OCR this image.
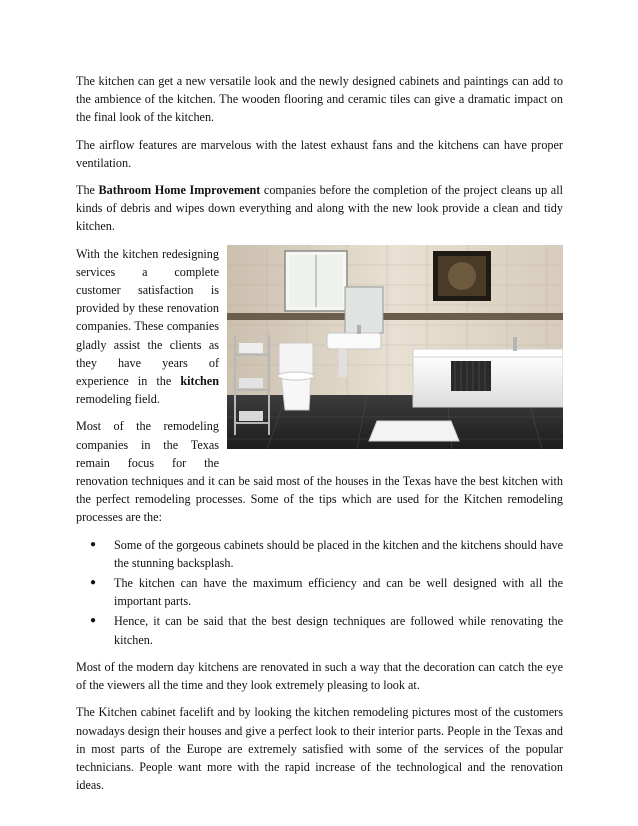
The kitchen can get a new versatile look and the newly designed cabinets and paintings can add to the ambience of the kitchen. The wooden flooring and ceramic tiles can give a dramatic impact on the final look of the kitchen.

The airflow features are marvelous with the latest exhaust fans and the kitchens can have proper ventilation.

The Bathroom Home Improvement companies before the completion of the project cleans up all kinds of debris and wipes down everything and along with the new look provide a clean and tidy kitchen.

With the kitchen redesigning services a complete customer satisfaction is provided by these renovation companies. These companies gladly assist the clients as they have years of experience in the kitchen remodeling field.

Most of the remodeling companies in the Texas remain focus for the renovation techniques and it can be said most of the houses in the Texas have the best kitchen with the perfect remodeling processes. Some of the tips which are used for the Kitchen remodeling processes are the:

● Some of the gorgeous cabinets should be placed in the kitchen and the kitchens should have the stunning backsplash.
● The kitchen can have the maximum efficiency and can be well designed with all the important parts.
● Hence, it can be said that the best design techniques are followed while renovating the kitchen.

Most of the modern day kitchens are renovated in such a way that the decoration can catch the eye of the viewers all the time and they look extremely pleasing to look at.

The Kitchen cabinet facelift and by looking the kitchen remodeling pictures most of the customers nowadays design their houses and give a perfect look to their interior parts. People in the Texas and in most parts of the Europe are extremely satisfied with some of the services of the popular technicians. People want more with the rapid increase of the technological and the renovation ideas.
